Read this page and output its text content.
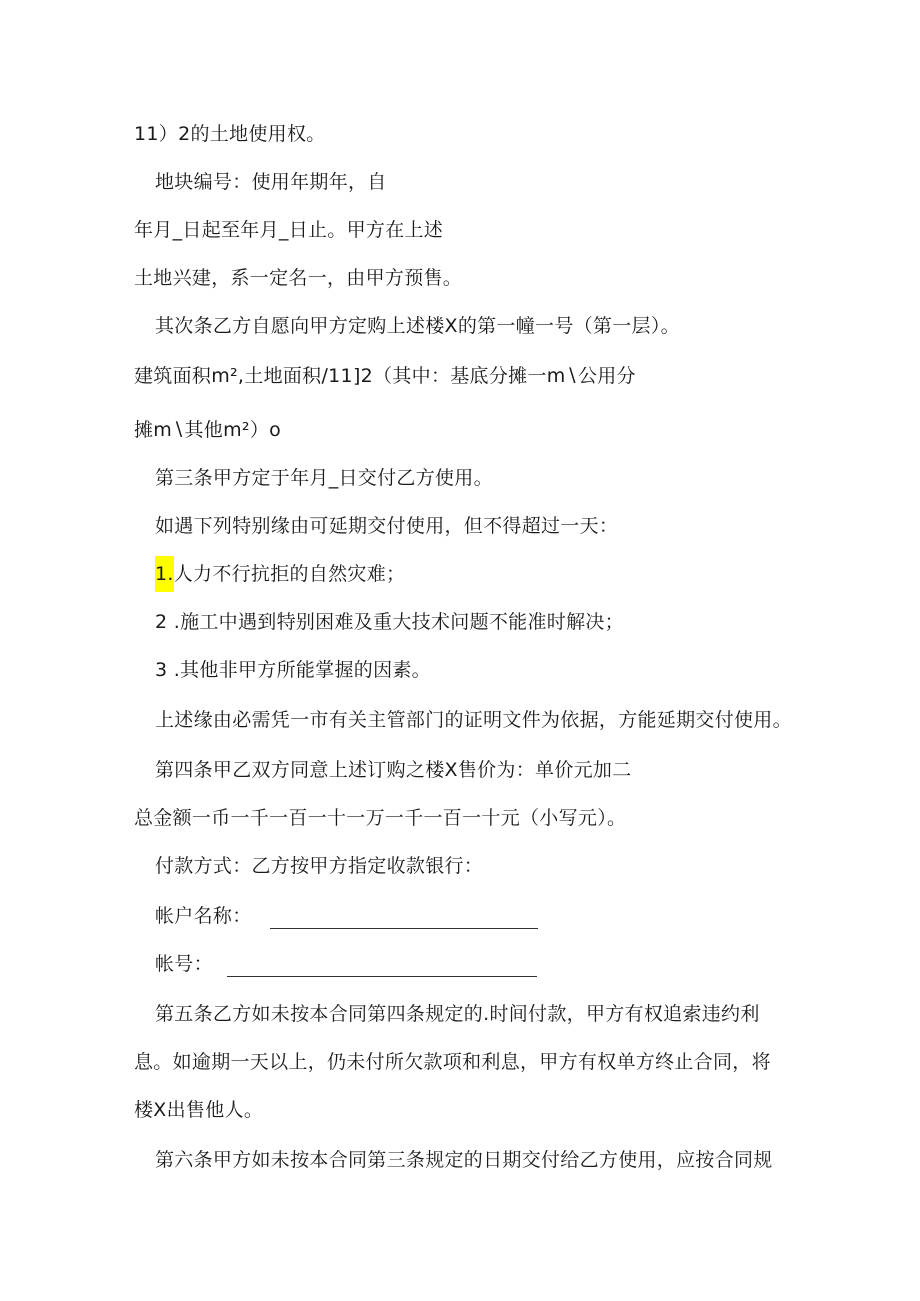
11）2的土地使用权。
地块编号：使用年期年，自
年月_日起至年月_日止。甲方在上述
土地兴建，系一定名一，由甲方预售。
其次条乙方自愿向甲方定购上述楼X的第一幢一号（第一层）。
建筑面积m²,土地面积∕11]2（其中：基底分摊一m∖公用分
摊m∖其他m²）o
第三条甲方定于年月_日交付乙方使用。
如遇下列特别缘由可延期交付使用，但不得超过一天：
1.人力不行抗拒的自然灾难；
2 .施工中遇到特别困难及重大技术问题不能准时解决；
3 .其他非甲方所能掌握的因素。
上述缘由必需凭一市有关主管部门的证明文件为依据，方能延期交付使用。
第四条甲乙双方同意上述订购之楼X售价为：单价元加二
总金额一币一千一百一十一万一千一百一十元（小写元）。
付款方式：乙方按甲方指定收款银行：
帐户名称：
帐号：
第五条乙方如未按本合同第四条规定的.时间付款，甲方有权追索违约利
息。如逾期一天以上，仍未付所欠款项和利息，甲方有权单方终止合同，将
楼X出售他人。
第六条甲方如未按本合同第三条规定的日期交付给乙方使用，应按合同规
